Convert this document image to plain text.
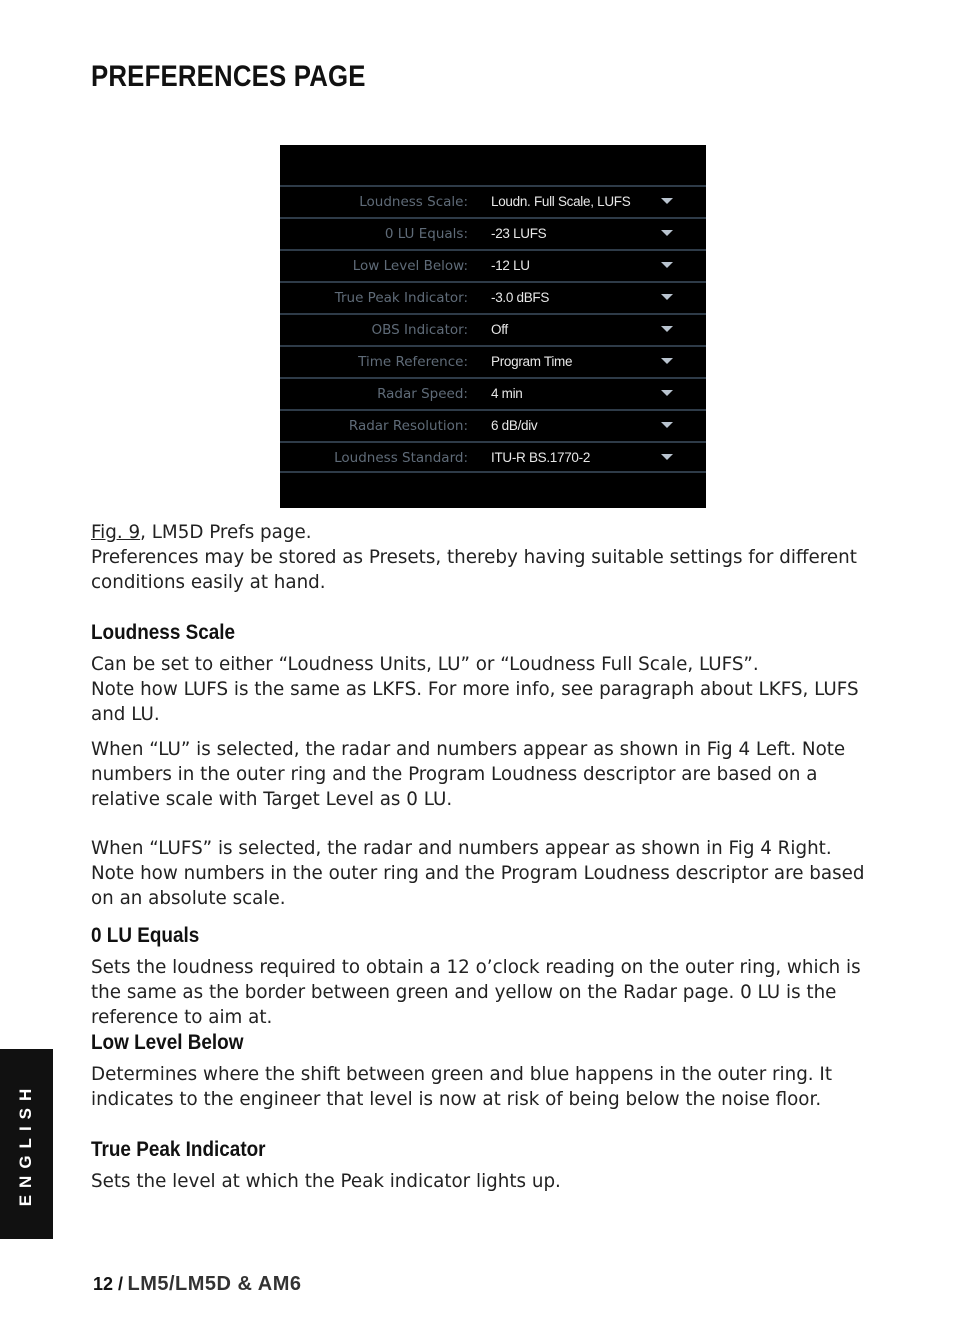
PREFERENCES PAGE
Loudness Scale: Loudn. Full Scale, LUFS
0 LU Equals: -23 LUFS
Low Level Below: -12 LU
True Peak Indicator: -3.0 dBFS
OBS Indicator: Off
Time Reference: Program Time
Radar Speed: 4 min
Radar Resolution: 6 dB/div
Loudness Standard: ITU-R BS.1770-2
Fig. 9, LM5D Prefs page.
Preferences may be stored as Presets, thereby having suitable settings for different conditions easily at hand.
Loudness Scale
Can be set to either “Loudness Units, LU” or “Loudness Full Scale, LUFS”.
Note how LUFS is the same as LKFS. For more info, see paragraph about LKFS, LUFS and LU.
When “LU” is selected, the radar and numbers appear as shown in Fig 4 Left. Note numbers in the outer ring and the Program Loudness descriptor are based on a relative scale with Target Level as 0 LU.
When “LUFS” is selected, the radar and numbers appear as shown in Fig 4 Right. Note how numbers in the outer ring and the Program Loudness descriptor are based on an absolute scale.
0 LU Equals
Sets the loudness required to obtain a 12 o’clock reading on the outer ring, which is the same as the border between green and yellow on the Radar page. 0 LU is the reference to aim at.
Low Level Below
Determines where the shift between green and blue happens in the outer ring. It indicates to the engineer that level is now at risk of being below the noise floor.
True Peak Indicator
Sets the level at which the Peak indicator lights up.
ENGLISH
12 / LM5/LM5D & AM6
